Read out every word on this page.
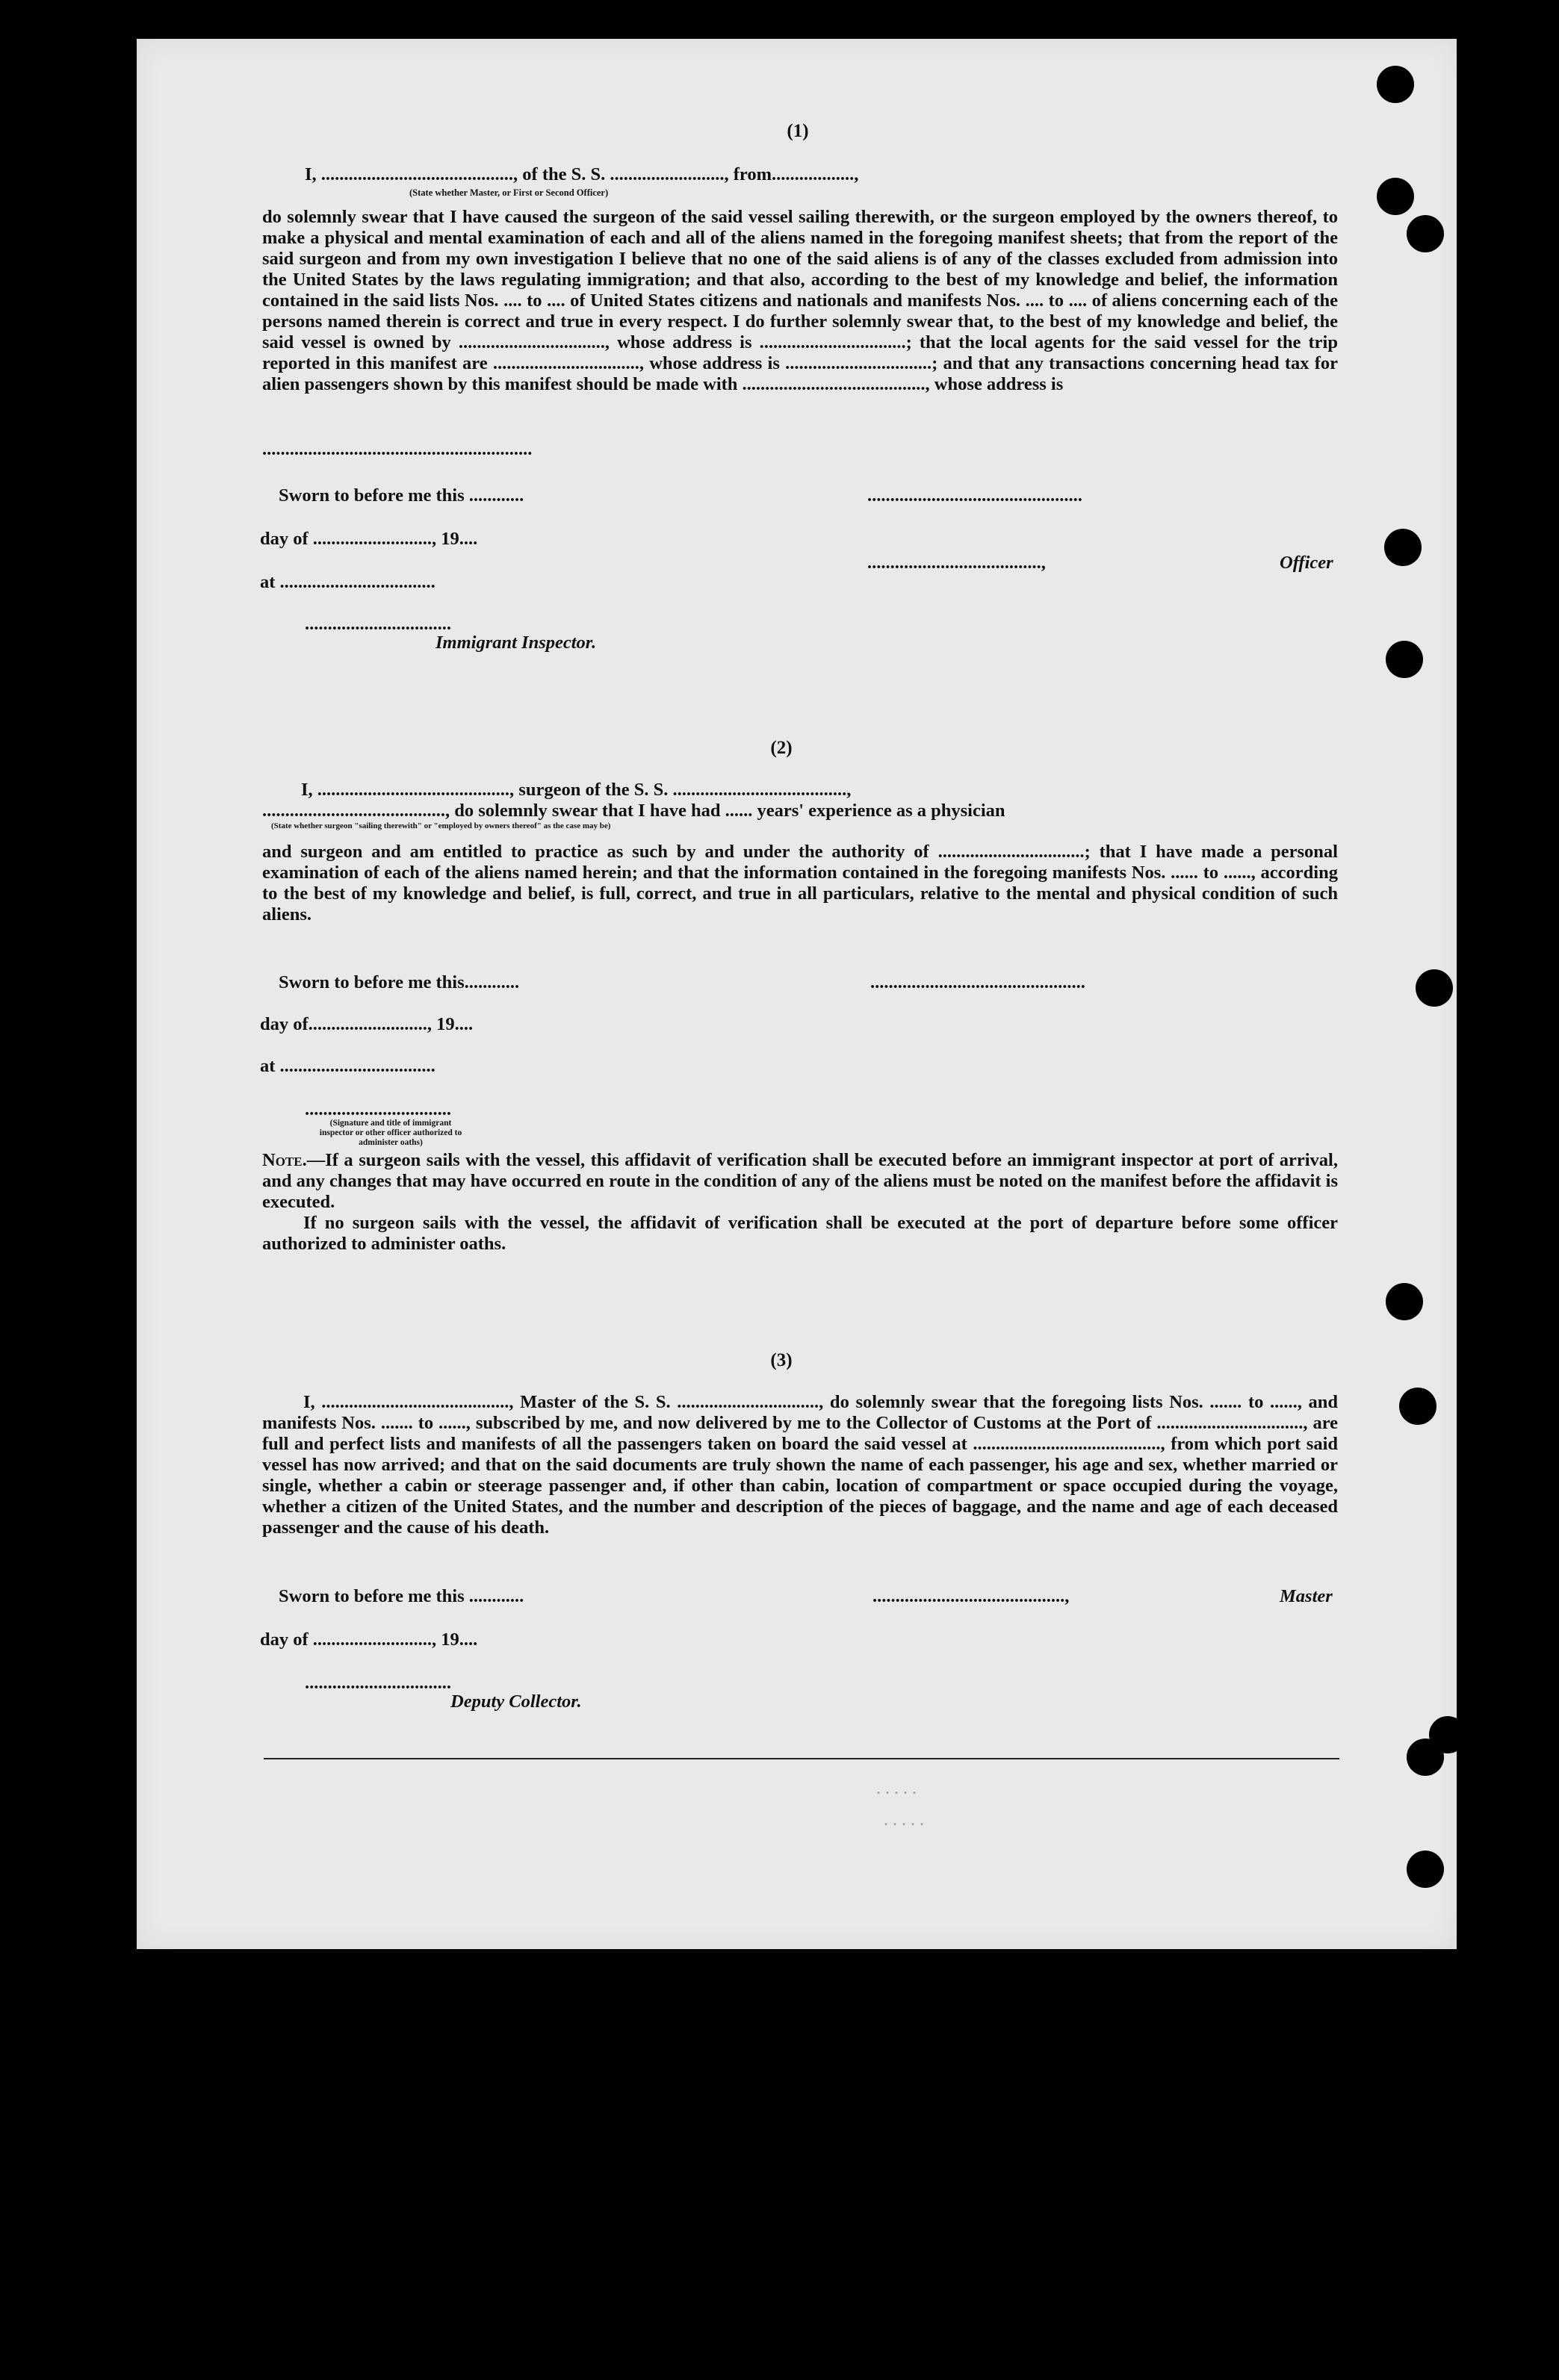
(1)
I, .........................................., of the S. S. ........................., from..................,
(State whether Master, or First or Second Officer)

do solemnly swear that I have caused the surgeon of the said vessel sailing therewith, or the surgeon employed by the owners thereof, to make a physical and mental examination of each and all of the aliens named in the foregoing manifest sheets; that from the report of the said surgeon and from my own investigation I believe that no one of the said aliens is of any of the classes excluded from admission into the United States by the laws regulating immigration; and that also, according to the best of my knowledge and belief, the information contained in the said lists Nos. .... to .... of United States citizens and nationals and manifests Nos. .... to .... of aliens concerning each of the persons named therein is correct and true in every respect. I do further solemnly swear that, to the best of my knowledge and belief, the said vessel is owned by ................................, whose address is ................................; that the local agents for the said vessel for the trip reported in this manifest are ................................, whose address is ................................; and that any transactions concerning head tax for alien passengers shown by this manifest should be made with ........................................, whose address is

...........................................................
Sworn to before me this ............	...............................................
day of .........................., 19....
......................................,	Officer
at ..................................
................................
Immigrant Inspector.
(2)
I, .........................................., surgeon of the S. S. ......................................,
........................................, do solemnly swear that I have had ...... years' experience as a physician
(State whether surgeon "sailing therewith" or "employed by owners thereof" as the case may be)

and surgeon and am entitled to practice as such by and under the authority of ................................; that I have made a personal examination of each of the aliens named herein; and that the information contained in the foregoing manifests Nos. ...... to ......, according to the best of my knowledge and belief, is full, correct, and true in all particulars, relative to the mental and physical condition of such aliens.

Sworn to before me this............	...............................................
day of.........................., 19....
at ..................................
................................
(Signature and title of immigrant inspector or other officer authorized to administer oaths)

Note.—If a surgeon sails with the vessel, this affidavit of verification shall be executed before an immigrant inspector at port of arrival, and any changes that may have occurred en route in the condition of any of the aliens must be noted on the manifest before the affidavit is executed.

If no surgeon sails with the vessel, the affidavit of verification shall be executed at the port of departure before some officer authorized to administer oaths.

(3)

I, ........................................., Master of the S. S. ..............................., do solemnly swear that the foregoing lists Nos. ....... to ......, and manifests Nos. ....... to ......, subscribed by me, and now delivered by me to the Collector of Customs at the Port of ................................, are full and perfect lists and manifests of all the passengers taken on board the said vessel at ........................................., from which port said vessel has now arrived; and that on the said documents are truly shown the name of each passenger, his age and sex, whether married or single, whether a cabin or steerage passenger and, if other than cabin, location of compartment or space occupied during the voyage, whether a citizen of the United States, and the number and description of the pieces of baggage, and the name and age of each deceased passenger and the cause of his death.

Sworn to before me this ............	..........................................,	Master
day of .........................., 19....
................................
Deputy Collector.
. . . . .
. . . . .
